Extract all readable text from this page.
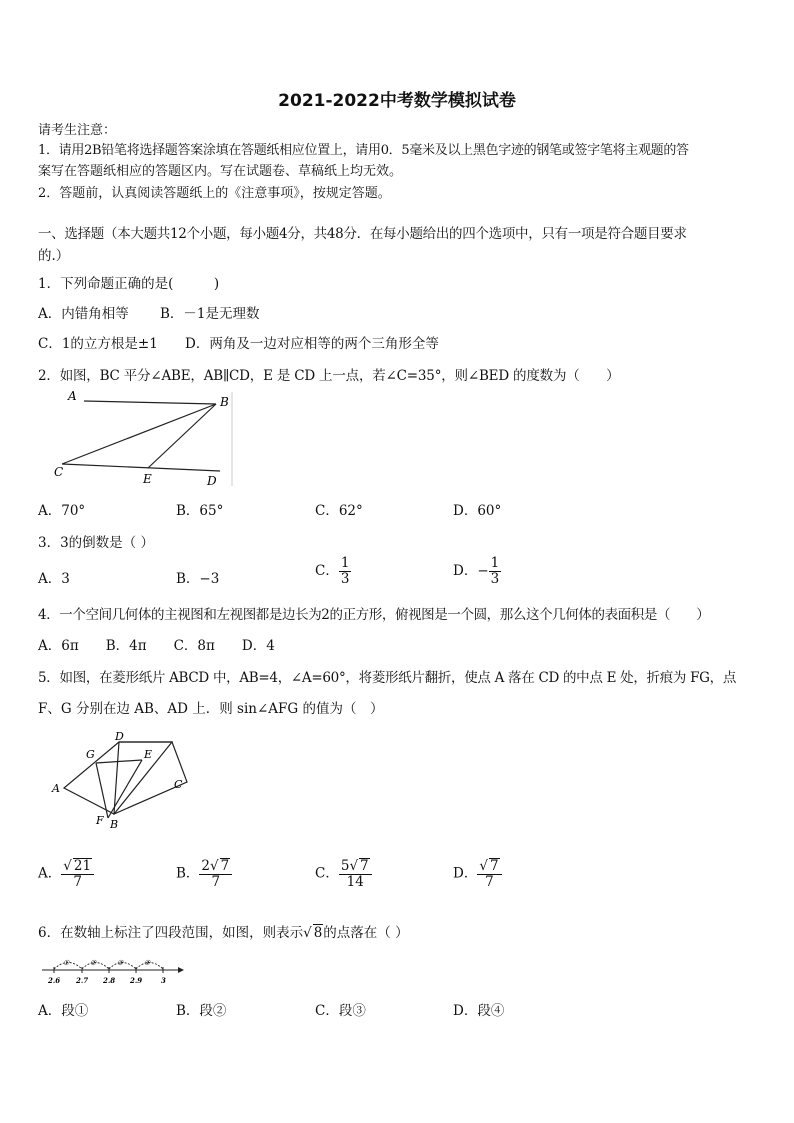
2021-2022中考数学模拟试卷
请考生注意：
1．请用2B铅笔将选择题答案涂填在答题纸相应位置上，请用0．5毫米及以上黑色字迹的钢笔或签字笔将主观题的答
案写在答题纸相应的答题区内。写在试题卷、草稿纸上均无效。
2．答题前，认真阅读答题纸上的《注意事项》，按规定答题。
一、选择题（本大题共12个小题，每小题4分，共48分．在每小题给出的四个选项中，只有一项是符合题目要求
的.）
1．下列命题正确的是(　　　)
A．内错角相等 B．－1是无理数
C．1的立方根是±1 D．两角及一边对应相等的两个三角形全等
2．如图，BC 平分∠ABE，AB∥CD，E 是 CD 上一点，若∠C=35°，则∠BED 的度数为（　　）
A	B
C	E	D
A．70°	B．65°	C．62°	D．60°
3．3的倒数是（ ）
A．3	B．−3	C． $\frac{1}{3}$	D．− $\frac{1}{3}$
4．一个空间几何体的主视图和左视图都是边长为2的正方形，俯视图是一个圆，那么这个几何体的表面积是（　　）
A．6π　　B．4π　　C．8π　　D．4
5．如图，在菱形纸片 ABCD 中，AB=4，∠A=60°，将菱形纸片翻折，使点 A 落在 CD 的中点 E 处，折痕为 FG，点
F、G 分别在边 AB、AD 上．则 sin∠AFG 的值为（　）
A
B
C
D
E
F
G
A． $\frac{√ 21}{7}$	B． $\frac{2√ 7}{7}$	C． $\frac{5√ 7}{14}$	D． $\frac{√ 7}{7}$
6．在数轴上标注了四段范围，如图，则表示√ 8的点落在（ ）
①	②	③	④
2.6 2.7 2.8 2.9	3
A．段①	B．段②	C．段③	D．段④
